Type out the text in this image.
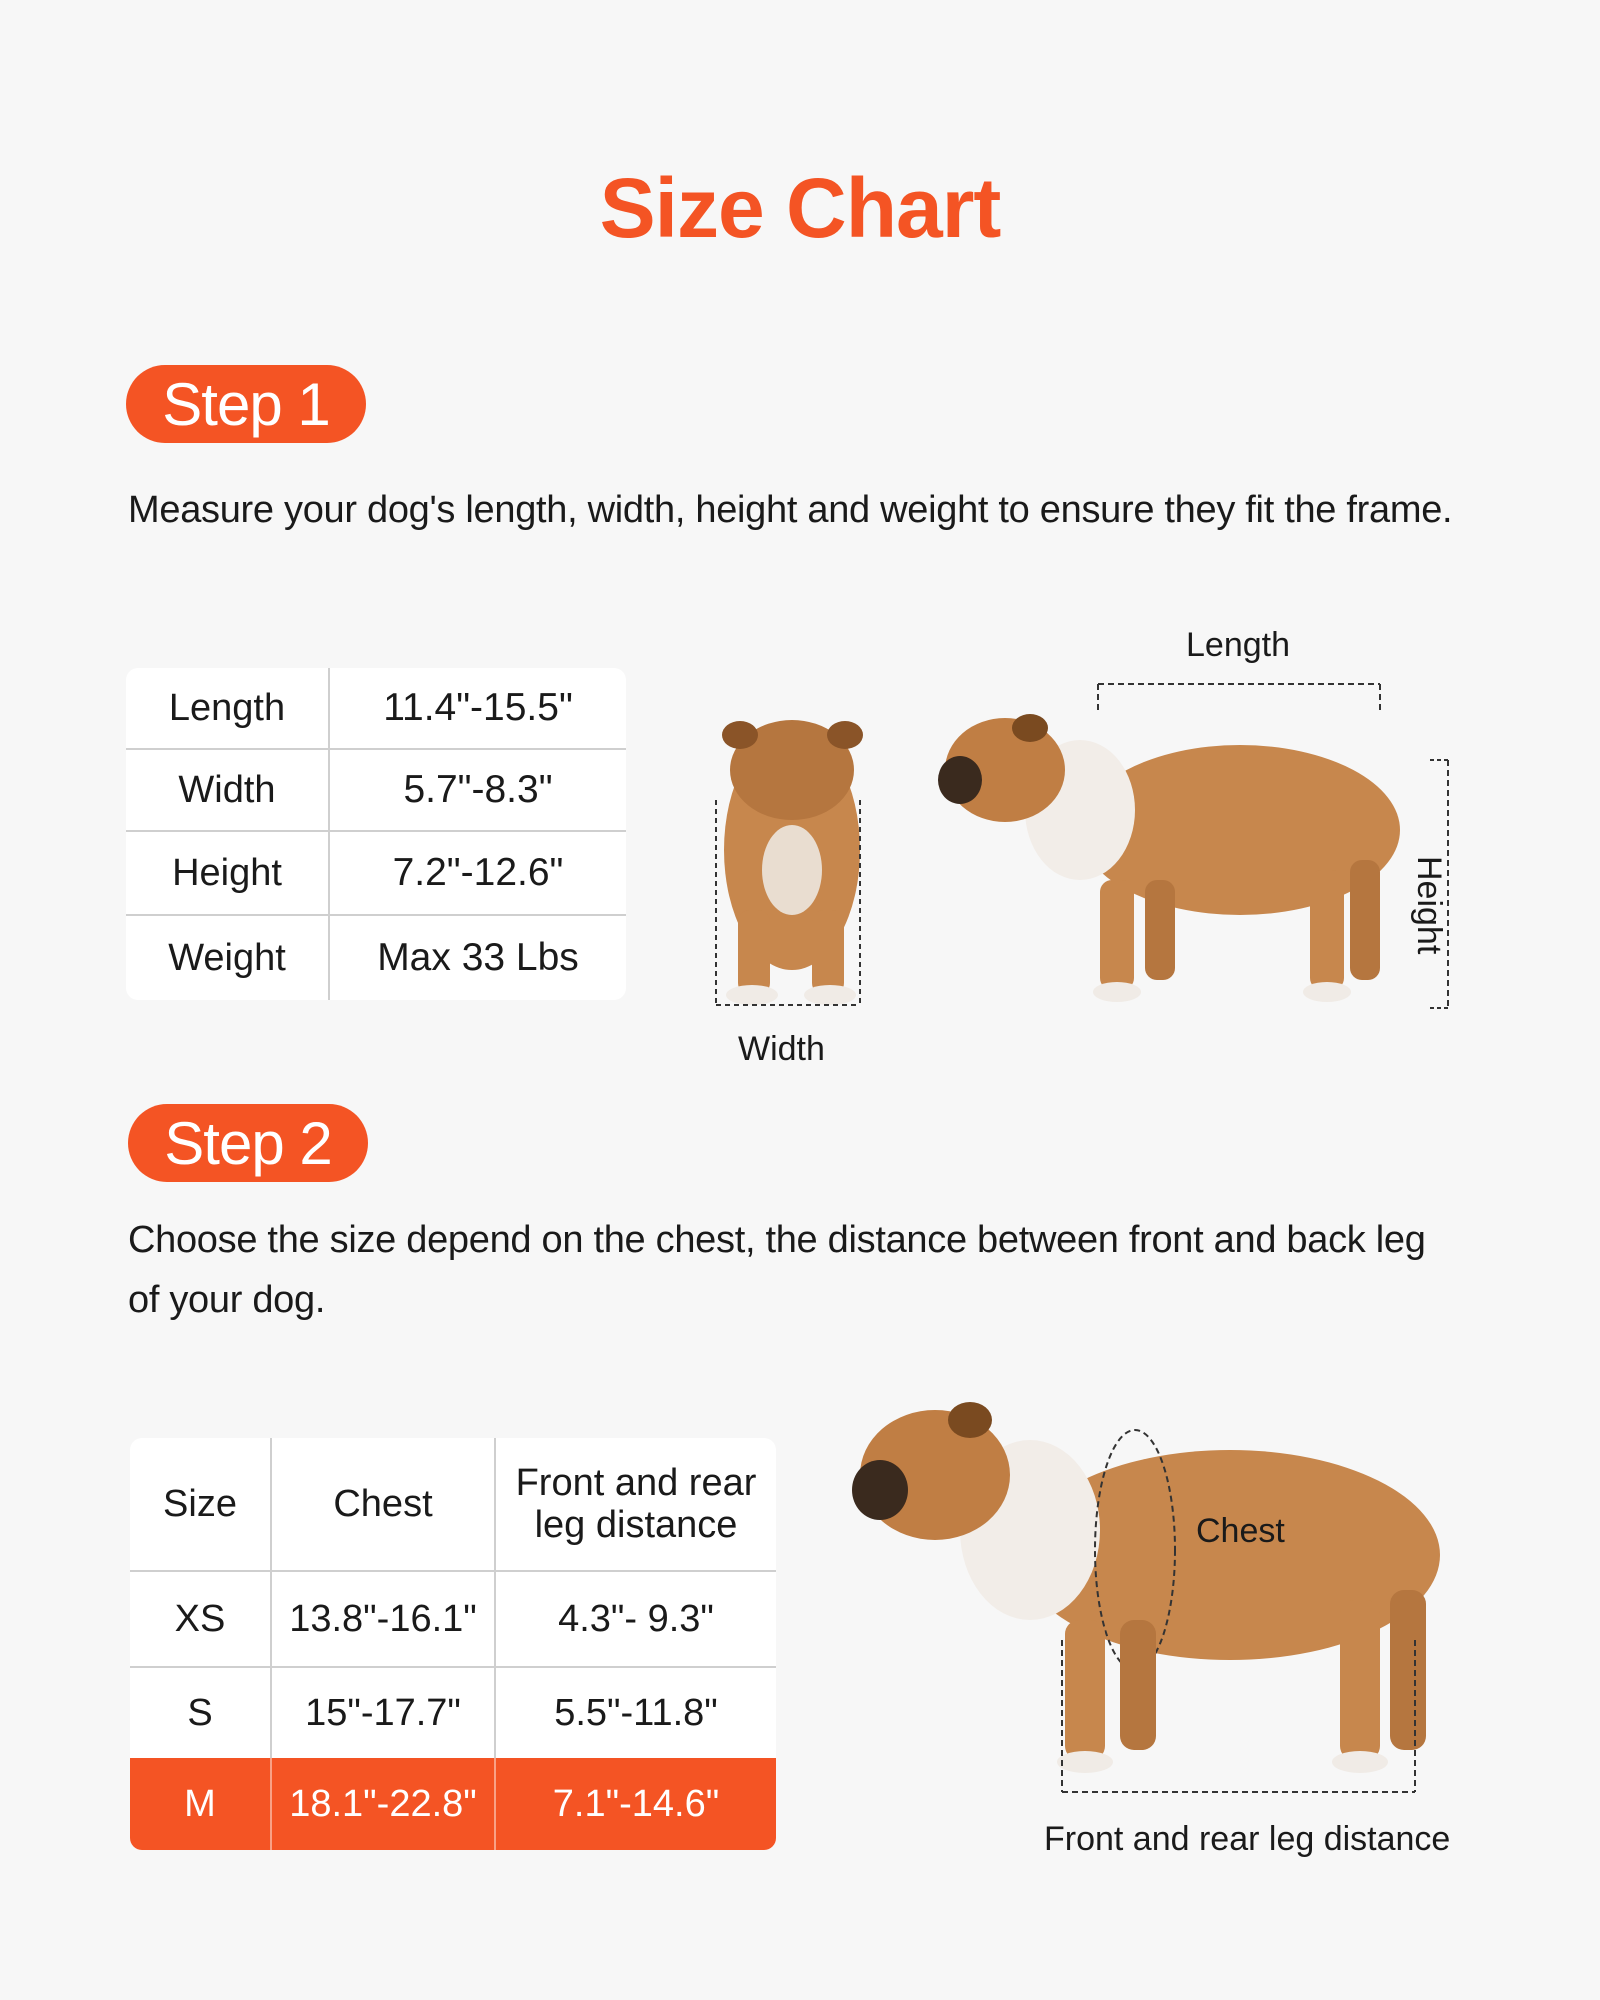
Size Chart
Step 1
Measure your dog's length, width, height and weight to ensure they fit the frame.
Length	11.4"-15.5"
Width	5.7"-8.3"
Height	7.2"-12.6"
Weight	Max 33 Lbs
Width
Length
Height
Step 2
Choose the size depend on the chest, the distance between front and back leg of your dog.
Size	Chest	Front and rear leg distance
XS	13.8"-16.1"	4.3"- 9.3"
S	15"-17.7"	5.5"-11.8"
M	18.1"-22.8"	7.1"-14.6"
Chest
Front and rear leg distance
